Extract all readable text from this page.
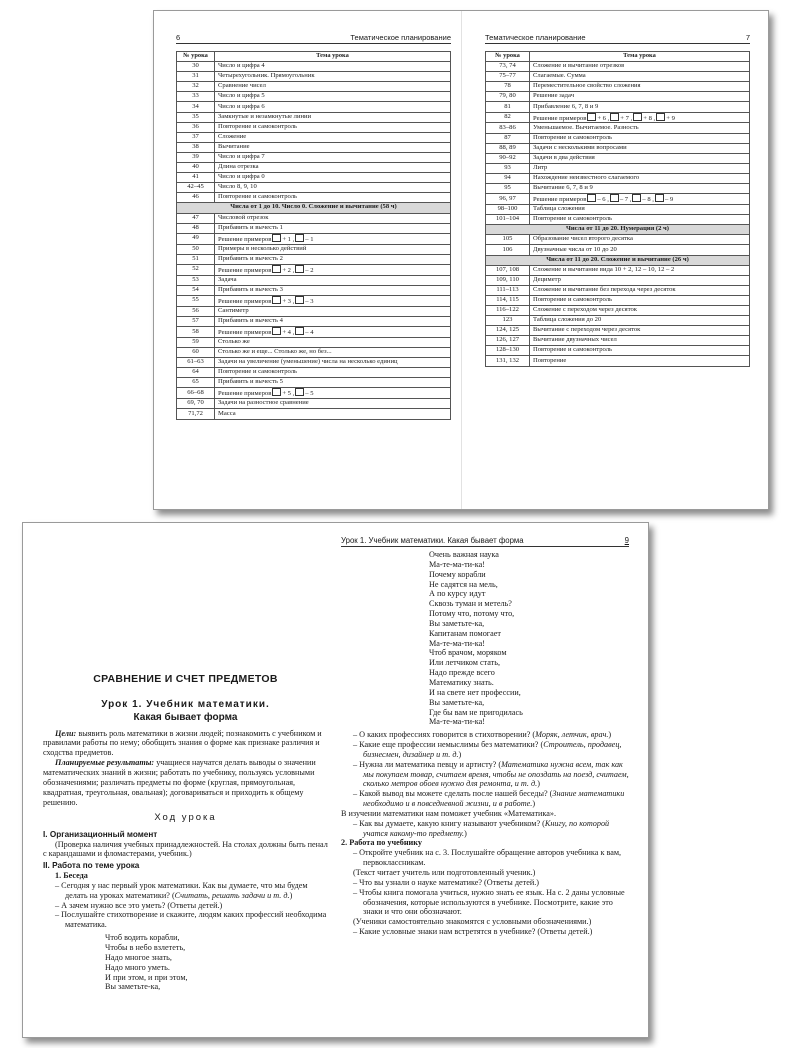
6	Тематическое планирование
№ урока	Тема урока
30	Число и цифра 4
31	Четырехугольник. Прямоугольник
32	Сравнение чисел
33	Число и цифра 5
34	Число и цифра 6
35	Замкнутые и незамкнутые линии
36	Повторение и самоконтроль
37	Сложение
38	Вычитание
39	Число и цифра 7
40	Длина отрезка
41	Число и цифра 0
42–45	Число 8, 9, 10
46	Повторение и самоконтроль
Числа от 1 до 10. Число 0. Сложение и вычитание (58 ч)	
47	Числовой отрезок
48	Прибавить и вычесть 1
49	Решение примеров + 1 , – 1
50	Примеры в несколько действий
51	Прибавить и вычесть 2
52	Решение примеров + 2 , – 2
53	Задача
54	Прибавить и вычесть 3
55	Решение примеров + 3 , – 3
56	Сантиметр
57	Прибавить и вычесть 4
58	Решение примеров + 4 , – 4
59	Столько же
60	Столько же и еще... Столько же, но без...
61–63	Задачи на увеличение (уменьшение) числа на несколько единиц
64	Повторение и самоконтроль
65	Прибавить и вычесть 5
66–68	Решение примеров + 5 , – 5
69, 70	Задачи на разностное сравнение
71,72	Масса
Тематическое планирование	7
№ урока	Тема урока
73, 74	Сложение и вычитание отрезков
75–77	Слагаемые. Сумма
78	Переместительное свойство сложения
79, 80	Решение задач
81	Прибавление 6, 7, 8 и 9
82	Решение примеров + 6 , + 7 , + 8 , + 9
83–86	Уменьшаемое. Вычитаемое. Разность
87	Повторение и самоконтроль
88, 89	Задачи с несколькими вопросами
90–92	Задачи в два действия
93	Литр
94	Нахождение неизвестного слагаемого
95	Вычитание 6, 7, 8 и 9
96, 97	Решение примеров – 6 , – 7 , – 8 , – 9
98–100	Таблица сложения
101–104	Повторение и самоконтроль
Числа от 11 до 20. Нумерация (2 ч)	
105	Образование чисел второго десятка
106	Двузначные числа от 10 до 20
Числа от 11 до 20. Сложение и вычитание (26 ч)	
107, 108	Сложение и вычитание вида 10 + 2, 12 – 10, 12 – 2
109, 110	Дециметр
111–113	Сложение и вычитание без перехода через десяток
114, 115	Повторение и самоконтроль
116–122	Сложение с переходом через десяток
123	Таблица сложения до 20
124, 125	Вычитание с переходом через десяток
126, 127	Вычитание двузначных чисел
128–130	Повторение и самоконтроль
131, 132	Повторение
Урок 1. Учебник математики. Какая бывает форма	9

СРАВНЕНИЕ И СЧЕТ ПРЕДМЕТОВ

Урок 1. Учебник математики.

Какая бывает форма

Цели: выявить роль математики в жизни людей; познакомить с учебником и правилами работы по нему; обобщить знания о форме как признаке различия и сходства предметов.

Планируемые результаты: учащиеся научатся делать выводы о значении математических знаний в жизни; работать по учебнику, пользуясь условными обозначениями; различать предметы по форме (круглая, прямоугольная, квадратная, треугольная, овальная); договариваться и приходить к общему решению.

Ход урока

I. Организационный момент

(Проверка наличия учебных принадлежностей. На столах должны быть пенал с карандашами и фломастерами, учебник.)

II. Работа по теме урока

1. Беседа

– Сегодня у нас первый урок математики. Как вы думаете, что мы будем делать на уроках математики? (Считать, решать задачи и т. д.)

– А зачем нужно все это уметь? (Ответы детей.)

– Послушайте стихотворение и скажите, людям каких профессий необходима математика.

Чтоб водить корабли,

Чтобы в небо взлететь,

Надо многое знать,

Надо много уметь.

И при этом, и при этом,

Вы заметьте-ка,

Очень важная наука

Ма-те-ма-ти-ка!

Почему корабли

Не садятся на мель,

А по курсу идут

Сквозь туман и метель?

Потому что, потому что,

Вы заметьте-ка,

Капитанам помогает

Ма-те-ма-ти-ка!

Чтоб врачом, моряком

Или летчиком стать,

Надо прежде всего

Математику знать.

И на свете нет профессии,

Вы заметьте-ка,

Где бы вам не пригодилась

Ма-те-ма-ти-ка!

– О каких профессиях говорится в стихотворении? (Моряк, летчик, врач.)

– Какие еще профессии немыслимы без математики? (Строитель, продавец, бизнесмен, дизайнер и т. д.)

– Нужна ли математика певцу и артисту? (Математика нужна всем, так как мы покупаем товар, считаем время, чтобы не опоздать на поезд, считаем, сколько метров обоев нужно для ремонта, и т. д.)

– Какой вывод вы можете сделать после нашей беседы? (Знание математики необходимо и в повседневной жизни, и в работе.)

В изучении математики нам поможет учебник «Математика».

– Как вы думаете, какую книгу называют учебником? (Книгу, по которой учатся какому-то предмету.)

2. Работа по учебнику

– Откройте учебник на с. 3. Послушайте обращение авторов учебника к вам, первоклассникам.

(Текст читает учитель или подготовленный ученик.)

– Что вы узнали о науке математике? (Ответы детей.)

– Чтобы книга помогала учиться, нужно знать ее язык. На с. 2 даны условные обозначения, которые используются в учебнике. Посмотрите, какие это знаки и что они обозначают.

(Ученики самостоятельно знакомятся с условными обозначениями.)

– Какие условные знаки нам встретятся в учебнике? (Ответы детей.)
